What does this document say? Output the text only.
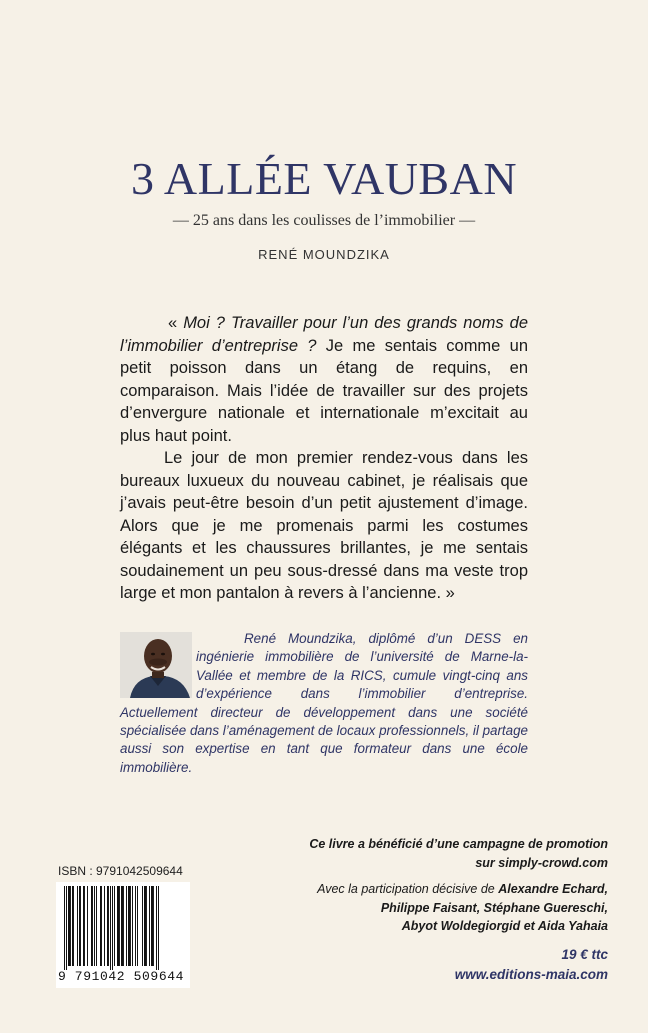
3 ALLÉE VAUBAN
— 25 ans dans les coulisses de l’immobilier —
RENÉ MOUNDZIKA

« Moi ? Travailler pour l’un des grands noms de l’immobilier d’entreprise ? Je me sentais comme un petit poisson dans un étang de requins, en comparaison. Mais l’idée de travailler sur des projets d’envergure nationale et internationale m’excitait au plus haut point.

Le jour de mon premier rendez-vous dans les bureaux luxueux du nouveau cabinet, je réalisais que j’avais peut-être besoin d’un petit ajustement d’image. Alors que je me promenais parmi les costumes élégants et les chaussures brillantes, je me sentais soudainement un peu sous-dressé dans ma veste trop large et mon pantalon à revers à l’ancienne. »

René Moundzika, diplômé d’un DESS en ingénierie immobilière de l’université de Marne-la-Vallée et membre de la RICS, cumule vingt-cinq ans d’expérience dans l’immobilier d’entreprise. Actuellement directeur de développement dans une société spécialisée dans l’aménagement de locaux professionnels, il partage aussi son expertise en tant que formateur dans une école immobilière.
Ce livre a bénéficié d’une campagne de promotion
sur simply-crowd.com
Avec la participation décisive de Alexandre Echard,
Philippe Faisant, Stéphane Guereschi,
Abyot Woldegiorgid et Aida Yahaia
19 € ttc
www.editions-maia.com
ISBN : 9791042509644
9 791042 509644
